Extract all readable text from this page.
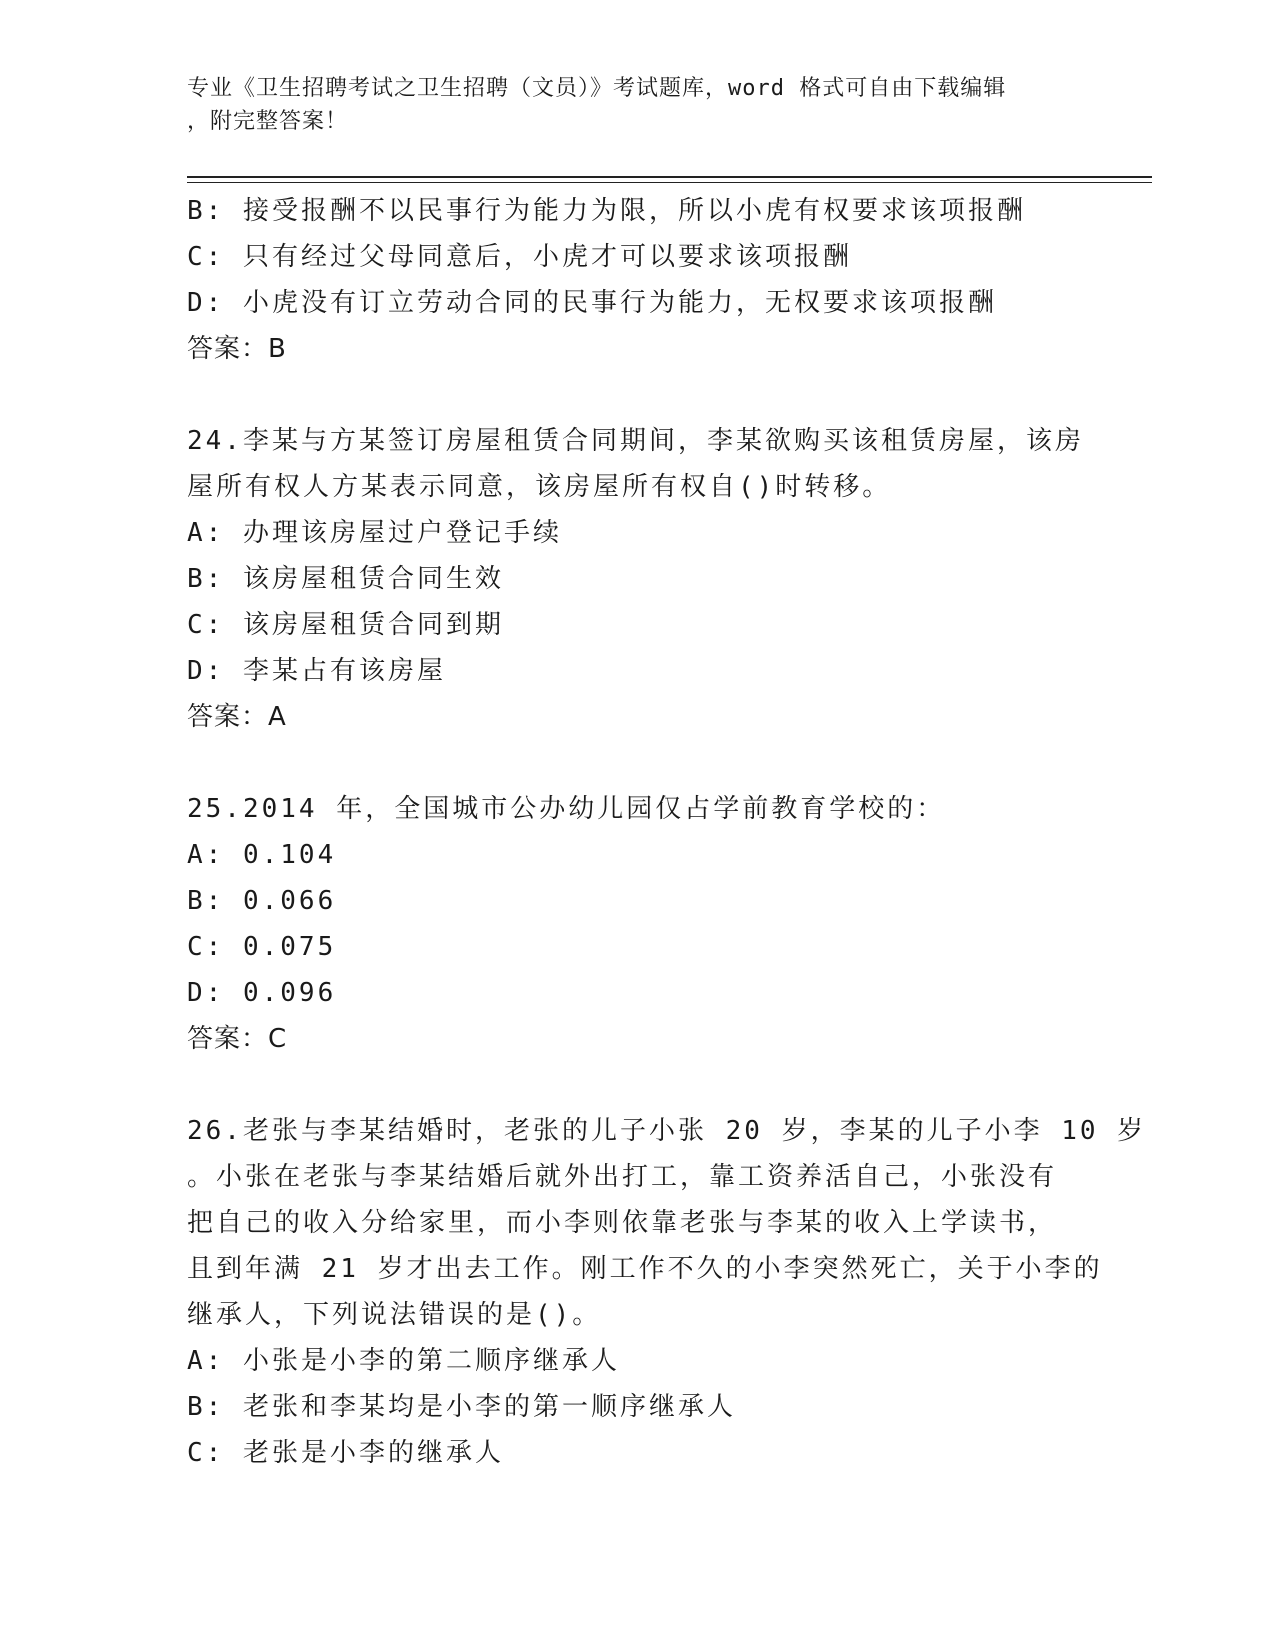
专业《卫生招聘考试之卫生招聘（文员）》考试题库，word 格式可自由下载编辑
，附完整答案！
B: 接受报酬不以民事行为能力为限，所以小虎有权要求该项报酬
C: 只有经过父母同意后，小虎才可以要求该项报酬
D: 小虎没有订立劳动合同的民事行为能力，无权要求该项报酬
答案：B
24.李某与方某签订房屋租赁合同期间，李某欲购买该租赁房屋，该房
屋所有权人方某表示同意，该房屋所有权自()时转移。
A: 办理该房屋过户登记手续
B: 该房屋租赁合同生效
C: 该房屋租赁合同到期
D: 李某占有该房屋
答案：A
25.2014 年，全国城市公办幼儿园仅占学前教育学校的：
A: 0.104
B: 0.066
C: 0.075
D: 0.096
答案：C
26.老张与李某结婚时，老张的儿子小张 20 岁，李某的儿子小李 10 岁
。小张在老张与李某结婚后就外出打工，靠工资养活自己，小张没有
把自己的收入分给家里，而小李则依靠老张与李某的收入上学读书，
且到年满 21 岁才出去工作。刚工作不久的小李突然死亡，关于小李的
继承人，下列说法错误的是()。
A: 小张是小李的第二顺序继承人
B: 老张和李某均是小李的第一顺序继承人
C: 老张是小李的继承人
